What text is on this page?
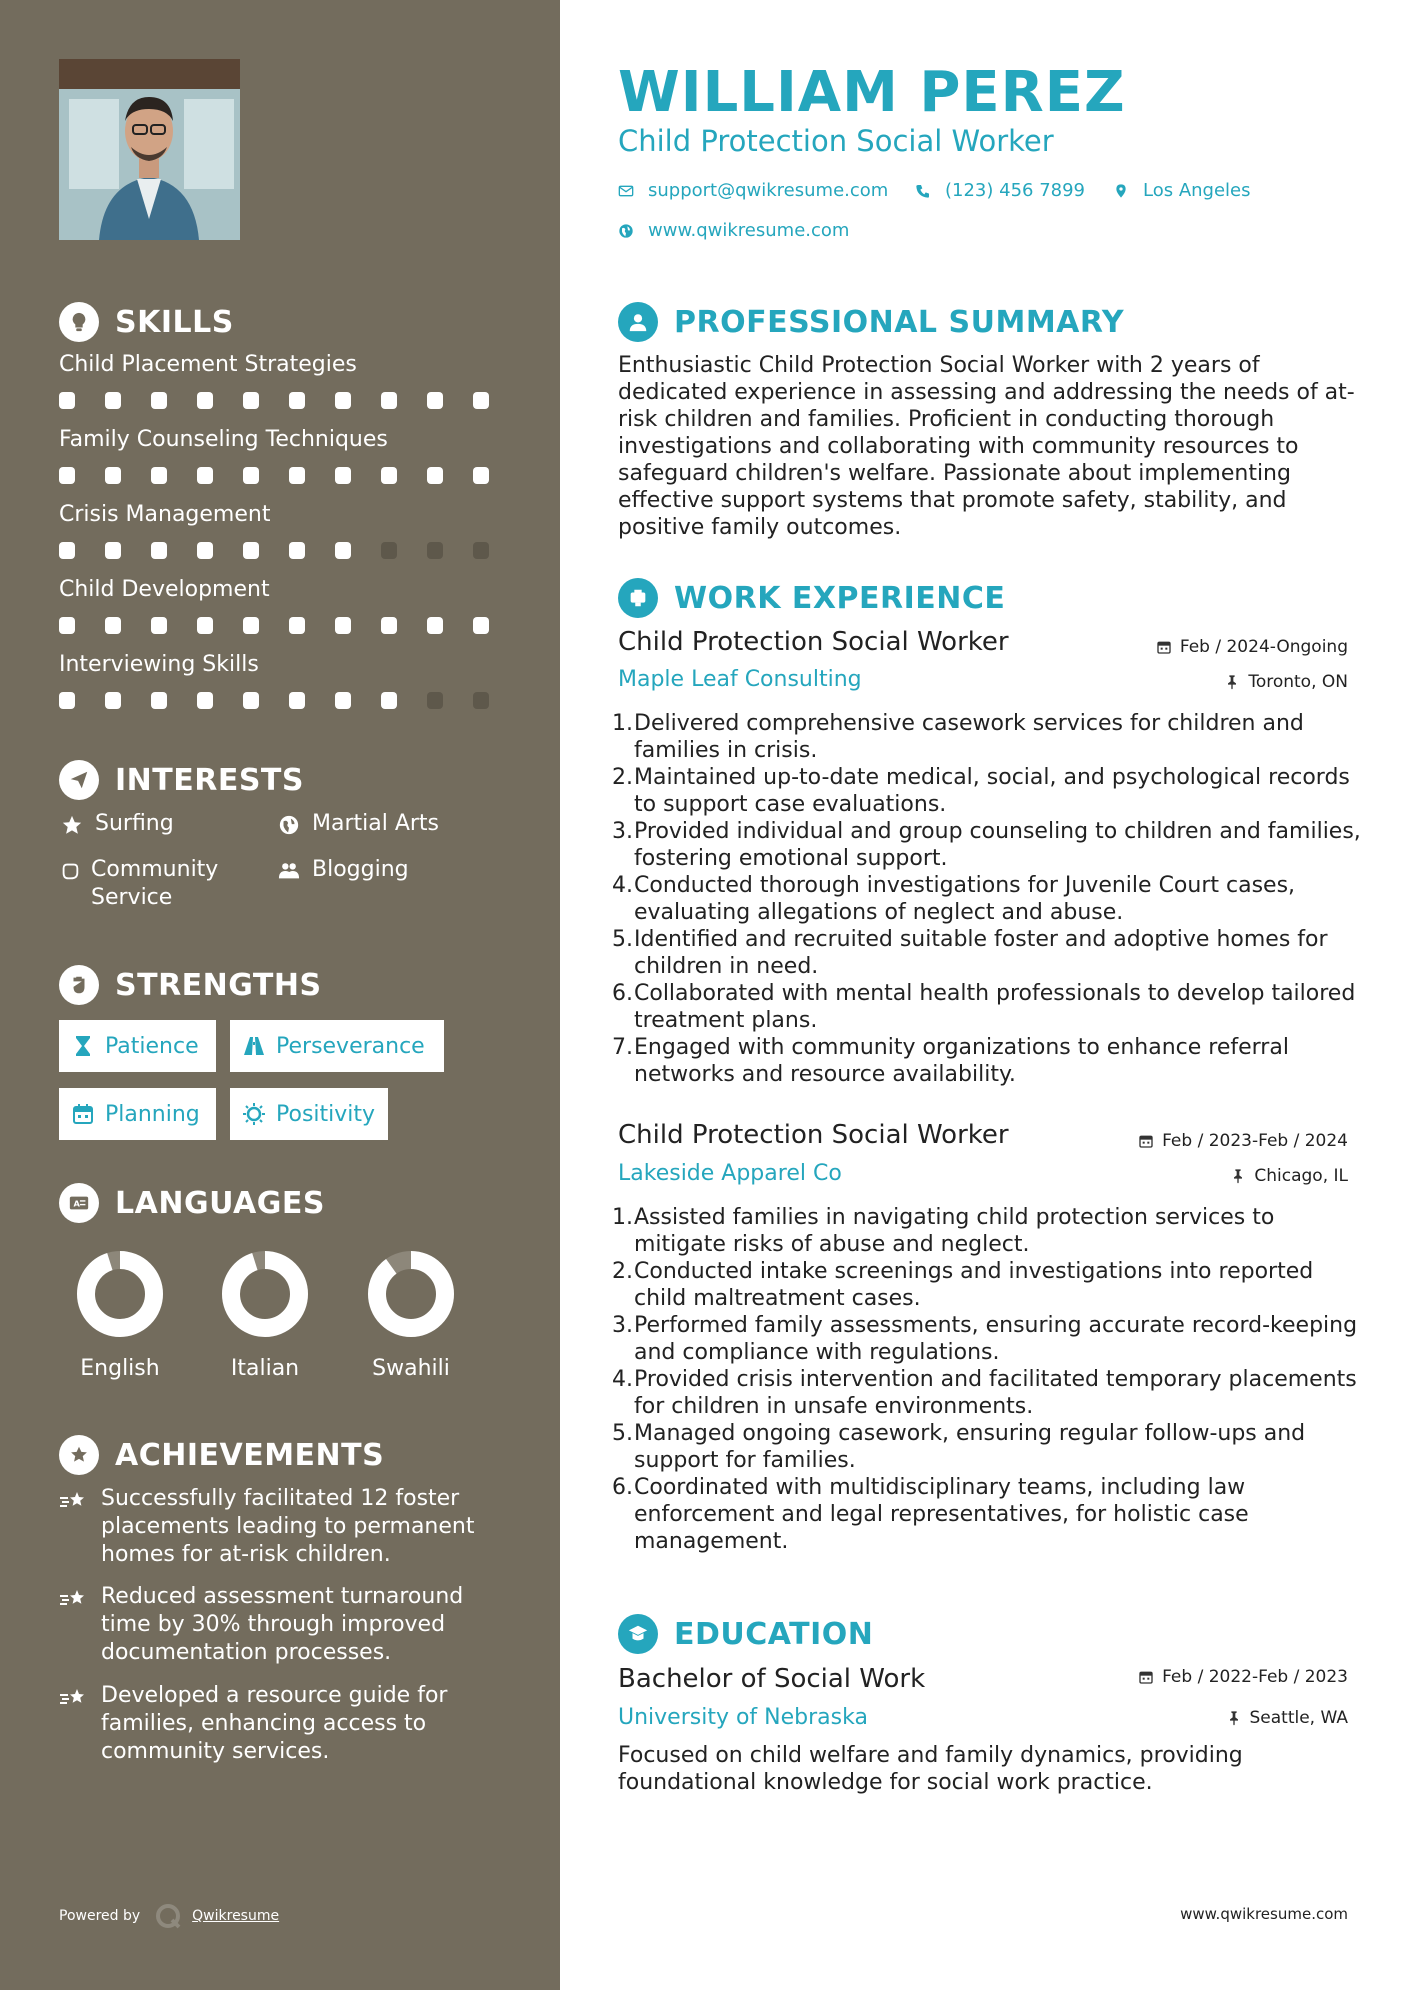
SKILLS
Child Placement Strategies
Family Counseling Techniques
Crisis Management
Child Development
Interviewing Skills
INTERESTS
Surfing	Martial Arts
Community Service
Blogging
STRENGTHS
Patience	Perseverance
Planning	Positivity
A LANGUAGES
English	Italian	Swahili
ACHIEVEMENTS
Successfully facilitated 12 foster placements leading to permanent homes for at-risk children.
Reduced assessment turnaround time by 30% through improved documentation processes.
Developed a resource guide for families, enhancing access to community services.
Powered by	Qwikresume
WILLIAM PEREZ
Child Protection Social Worker
support@qwikresume.com	(123) 456 7899	Los Angeles
www.qwikresume.com
PROFESSIONAL SUMMARY
Enthusiastic Child Protection Social Worker with 2 years of dedicated experience in assessing and addressing the needs of at-risk children and families. Proficient in conducting thorough investigations and collaborating with community resources to safeguard children's welfare. Passionate about implementing effective support systems that promote safety, stability, and positive family outcomes.
WORK EXPERIENCE
Child Protection Social Worker	Feb / 2024-Ongoing
Maple Leaf Consulting	Toronto, ON
1. Delivered comprehensive casework services for children and families in crisis.
2. Maintained up-to-date medical, social, and psychological records to support case evaluations.
3. Provided individual and group counseling to children and families, fostering emotional support.
4. Conducted thorough investigations for Juvenile Court cases, evaluating allegations of neglect and abuse.
5. Identified and recruited suitable foster and adoptive homes for children in need.
6. Collaborated with mental health professionals to develop tailored treatment plans.
7. Engaged with community organizations to enhance referral networks and resource availability.
Child Protection Social Worker	Feb / 2023-Feb / 2024
Lakeside Apparel Co	Chicago, IL
1. Assisted families in navigating child protection services to mitigate risks of abuse and neglect.
2. Conducted intake screenings and investigations into reported child maltreatment cases.
3. Performed family assessments, ensuring accurate record-keeping and compliance with regulations.
4. Provided crisis intervention and facilitated temporary placements for children in unsafe environments.
5. Managed ongoing casework, ensuring regular follow-ups and support for families.
6. Coordinated with multidisciplinary teams, including law enforcement and legal representatives, for holistic case management.
EDUCATION
Bachelor of Social Work	Feb / 2022-Feb / 2023
University of Nebraska	Seattle, WA
Focused on child welfare and family dynamics, providing foundational knowledge for social work practice.
www.qwikresume.com
